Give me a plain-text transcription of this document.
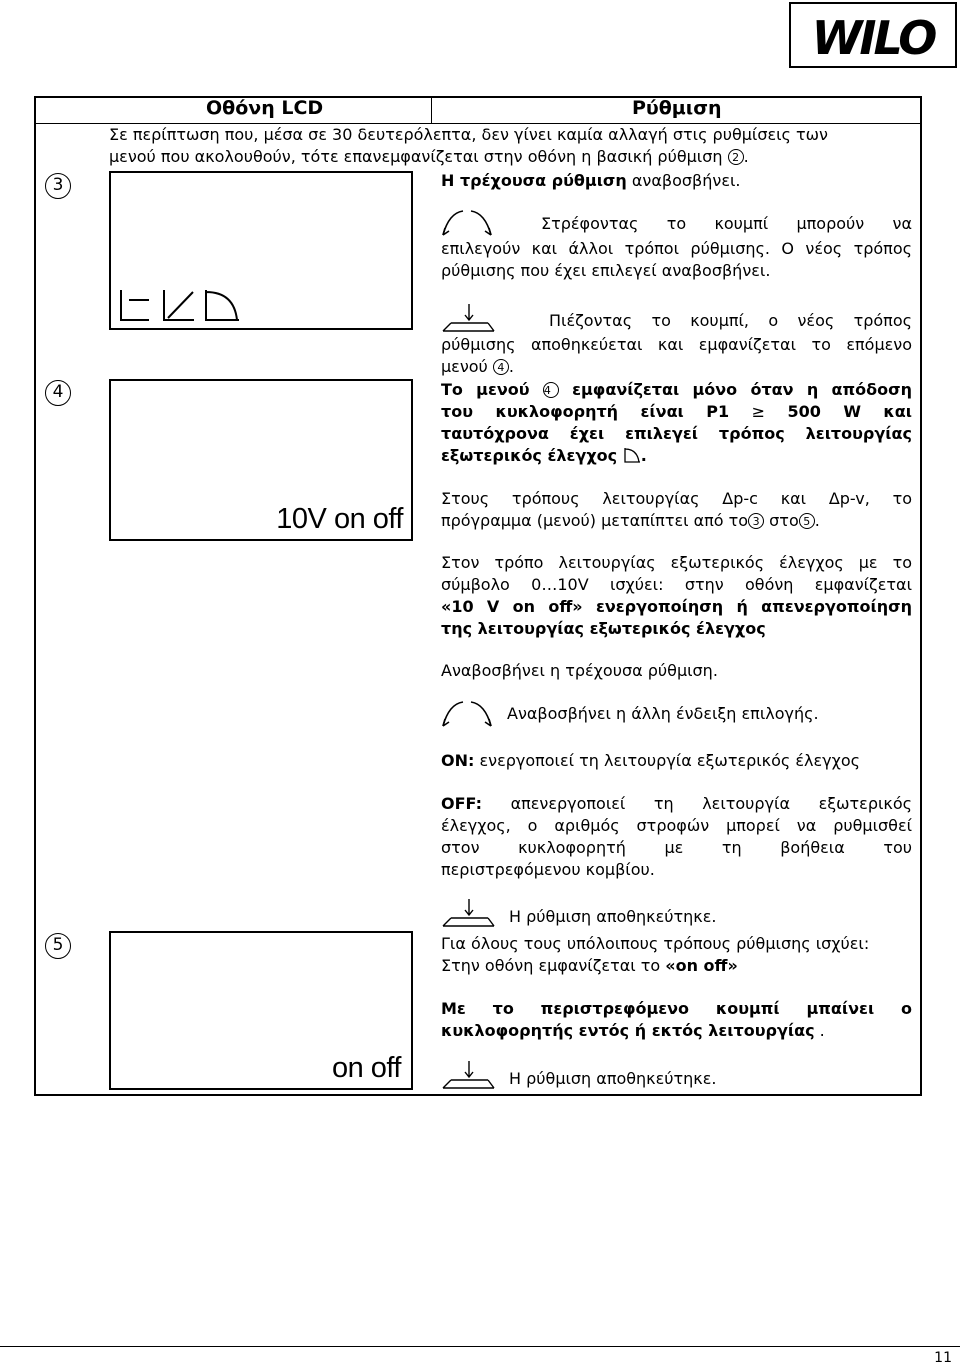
WILO
Οθόνη LCD	Ρύθμιση
Σε περίπτωση που, μέσα σε 30 δευτερόλεπτα, δεν γίνει καμία αλλαγή στις ρυθμίσεις των
μενού που ακολουθούν, τότε επανεμφανίζεται στην οθόνη η βασική ρύθμιση 2 .
3	Η τρέχουσα ρύθμιση αναβοσβήνει.
Στρέφοντας το κουμπί μπορούν να
επιλεγούν και άλλοι τρόποι ρύθμισης. Ο νέος τρόπος
ρύθμισης που έχει επιλεγεί αναβοσβήνει.
Πιέζοντας το κουμπί, ο νέος τρόπος
ρύθμισης αποθηκεύεται και εμφανίζεται το επόμενο
μενού 4 .
4
10V on off
Το μενού 4 εμφανίζεται μόνο όταν η απόδοση
του κυκλοφορητή είναι P1 ≥ 500 W και
ταυτόχρονα έχει επιλεγεί τρόπος λειτουργίας
εξωτερικός έλεγχος .
Στους τρόπους λειτουργίας Δp-c και Δp-v, το
πρόγραμμα (μενού) μεταπίπτει από το 3 στο 5 .
Στον τρόπο λειτουργίας εξωτερικός έλεγχος με το
σύμβολο 0…10V ισχύει: στην οθόνη εμφανίζεται
«10 V on off» ενεργοποίηση ή απενεργοποίηση
της λειτουργίας εξωτερικός έλεγχος
Αναβοσβήνει η τρέχουσα ρύθμιση.
Αναβοσβήνει η άλλη ένδειξη επιλογής.
ON: ενεργοποιεί τη λειτουργία εξωτερικός έλεγχος
OFF: απενεργοποιεί τη λειτουργία εξωτερικός
έλεγχος, ο αριθμός στροφών μπορεί να ρυθμισθεί
στον κυκλοφορητή με τη βοήθεια του
περιστρεφόμενου κομβίου.
Η ρύθμιση αποθηκεύτηκε.
5
on off
Για όλους τους υπόλοιπους τρόπους ρύθμισης ισχύει:
Στην οθόνη εμφανίζεται το «on off»
Με το περιστρεφόμενο κουμπί μπαίνει ο
κυκλοφορητής εντός ή εκτός λειτουργίας .
Η ρύθμιση αποθηκεύτηκε.
11
